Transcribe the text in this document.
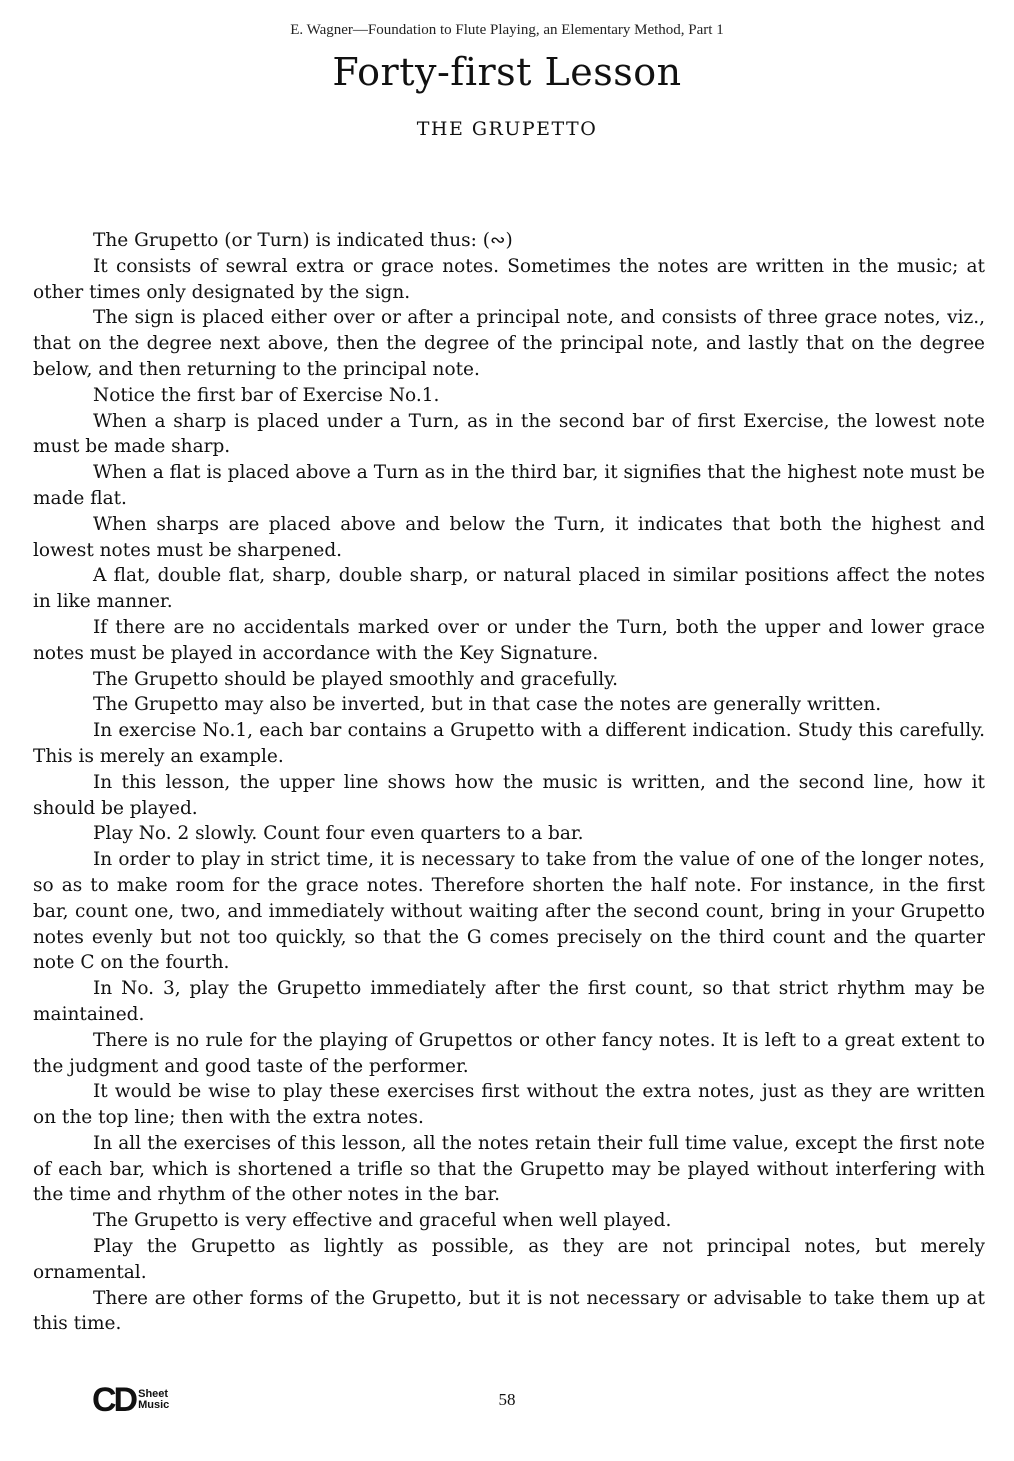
E. Wagner—Foundation to Flute Playing, an Elementary Method, Part 1
Forty-first Lesson
THE GRUPETTO

The Grupetto (or Turn) is indicated thus: (∾)

It consists of sewral extra or grace notes. Sometimes the notes are written in the music; at other times only designated by the sign.

The sign is placed either over or after a principal note, and consists of three grace notes, viz., that on the degree next above, then the degree of the principal note, and lastly that on the degree below, and then returning to the principal note.

Notice the first bar of Exercise No.1.

When a sharp is placed under a Turn, as in the second bar of first Exercise, the lowest note must be made sharp.

When a flat is placed above a Turn as in the third bar, it signifies that the highest note must be made flat.

When sharps are placed above and below the Turn, it indicates that both the highest and lowest notes must be sharpened.

A flat, double flat, sharp, double sharp, or natural placed in similar positions affect the notes in like manner.

If there are no accidentals marked over or under the Turn, both the upper and lower grace notes must be played in accordance with the Key Signature.

The Grupetto should be played smoothly and gracefully.

The Grupetto may also be inverted, but in that case the notes are generally written.

In exercise No.1, each bar contains a Grupetto with a different indication. Study this carefully. This is merely an example.

In this lesson, the upper line shows how the music is written, and the second line, how it should be played.

Play No. 2 slowly. Count four even quarters to a bar.

In order to play in strict time, it is necessary to take from the value of one of the longer notes, so as to make room for the grace notes. Therefore shorten the half note. For instance, in the first bar, count one, two, and immediately without waiting after the second count, bring in your Grupetto notes evenly but not too quickly, so that the G comes precisely on the third count and the quarter note C on the fourth.

In No. 3, play the Grupetto immediately after the first count, so that strict rhythm may be maintained.

There is no rule for the playing of Grupettos or other fancy notes. It is left to a great extent to the judgment and good taste of the performer.

It would be wise to play these exercises first without the extra notes, just as they are written on the top line; then with the extra notes.

In all the exercises of this lesson, all the notes retain their full time value, except the first note of each bar, which is shortened a trifle so that the Grupetto may be played without interfering with the time and rhythm of the other notes in the bar.

The Grupetto is very effective and graceful when well played.

Play the Grupetto as lightly as possible, as they are not principal notes, but merely ornamental.

There are other forms of the Grupetto, but it is not necessary or advisable to take them up at this time.

CD Sheet
Music	58
